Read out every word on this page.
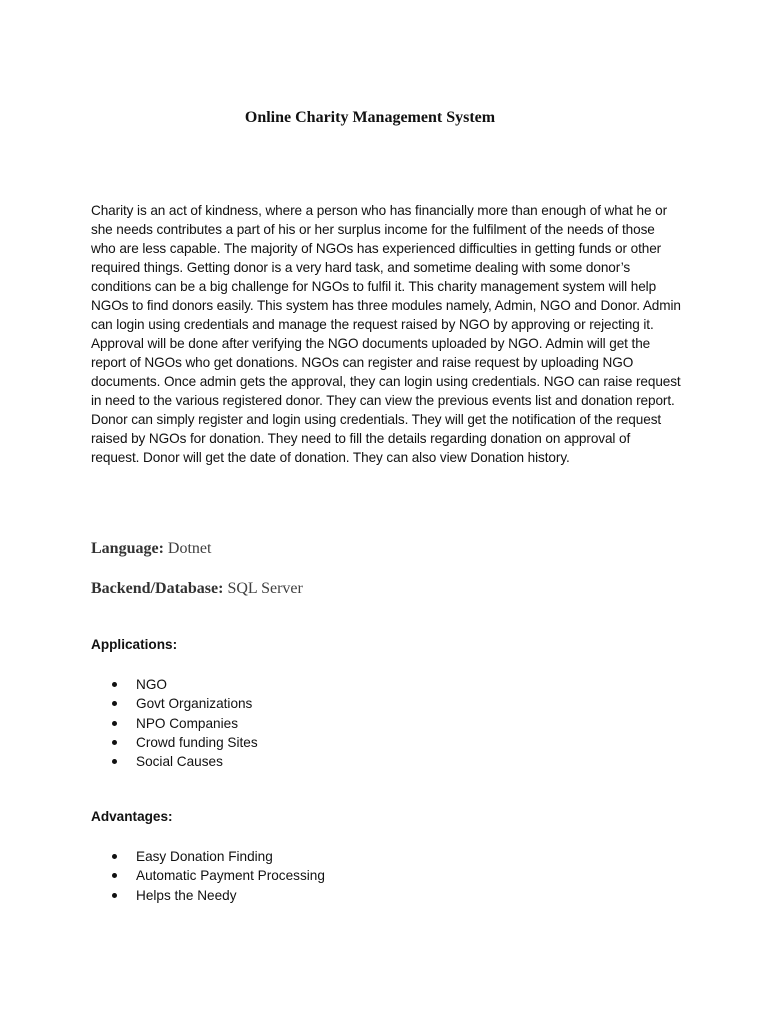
Online Charity Management System

Charity is an act of kindness, where a person who has financially more than enough of what he or she needs contributes a part of his or her surplus income for the fulfilment of the needs of those who are less capable. The majority of NGOs has experienced difficulties in getting funds or other required things. Getting donor is a very hard task, and sometime dealing with some donor’s conditions can be a big challenge for NGOs to fulfil it. This charity management system will help NGOs to find donors easily. This system has three modules namely, Admin, NGO and Donor. Admin can login using credentials and manage the request raised by NGO by approving or rejecting it. Approval will be done after verifying the NGO documents uploaded by NGO. Admin will get the report of NGOs who get donations. NGOs can register and raise request by uploading NGO documents. Once admin gets the approval, they can login using credentials. NGO can raise request in need to the various registered donor. They can view the previous events list and donation report. Donor can simply register and login using credentials. They will get the notification of the request raised by NGOs for donation. They need to fill the details regarding donation on approval of request. Donor will get the date of donation. They can also view Donation history.

Language: Dotnet

Backend/Database: SQL Server

Applications:

NGO
Govt Organizations
NPO Companies
Crowd funding Sites
Social Causes

Advantages:

Easy Donation Finding
Automatic Payment Processing
Helps the Needy
